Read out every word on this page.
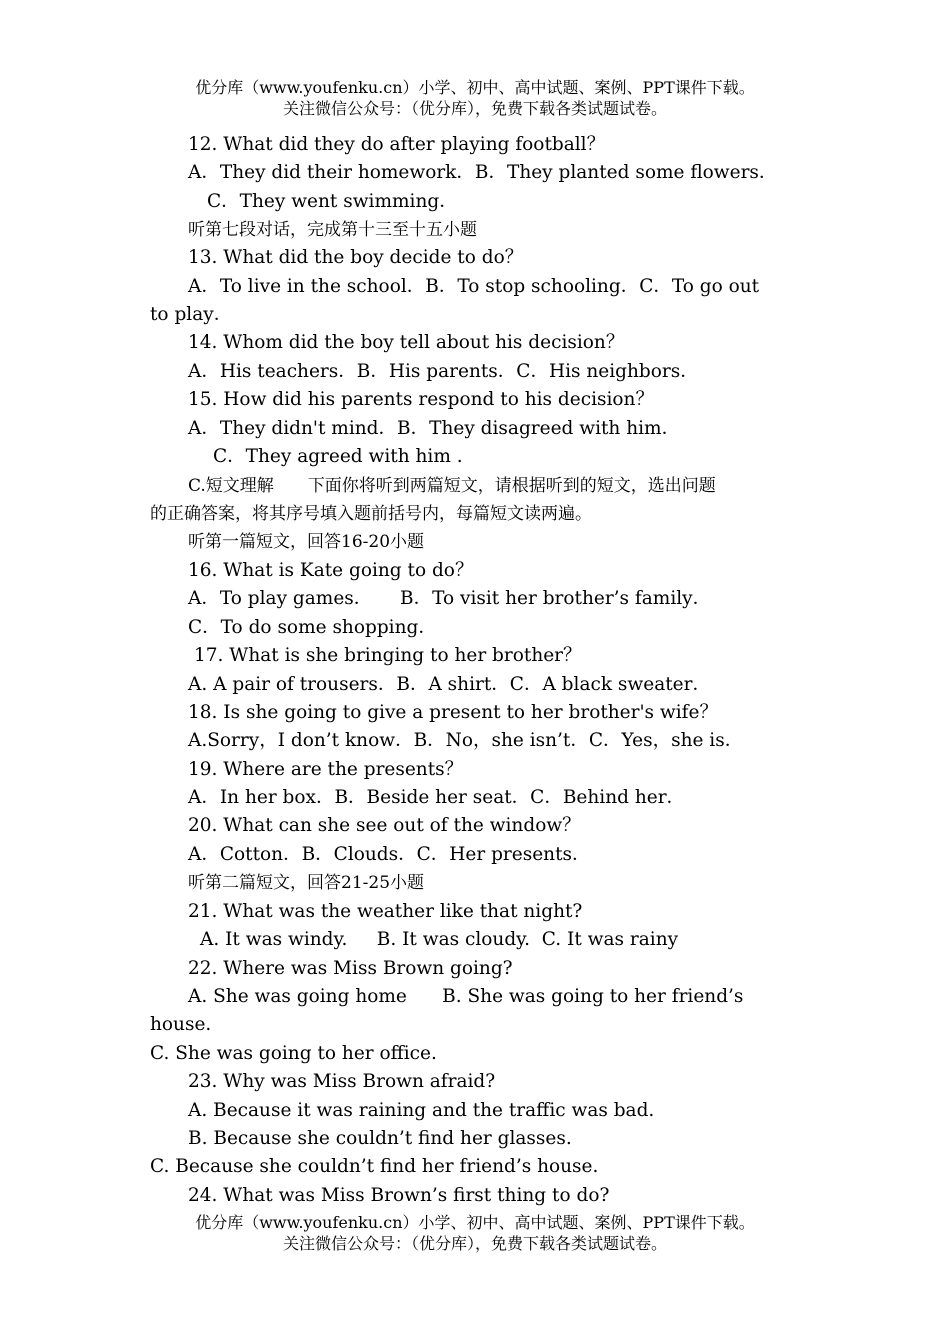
优分库（www.youfenku.cn）小学、初中、高中试题、案例、PPT课件下载。
关注微信公众号：（优分库），免费下载各类试题试卷。
12. What did they do after playing football？
A．They did their homework．B．They planted some flowers．
C．They went swimming．
听第七段对话，完成第十三至十五小题
13. What did the boy decide to do？
A．To live in the school．B．To stop schooling．C．To go out
to play．
14. Whom did the boy tell about his decision？
A．His teachers．B．His parents．C．His neighbors．
15. How did his parents respond to his decision？
A．They didn't mind．B．They disagreed with him．
C．They agreed with him .
C.短文理解　　下面你将听到两篇短文，请根据听到的短文，选出问题
的正确答案，将其序号填入题前括号内，每篇短文读两遍。
听第一篇短文，回答16-20小题
16. What is Kate going to do？
A．To play games．　　B．To visit her brother’s family．
C．To do some shopping．
17. What is she bringing to her brother？
A. A pair of trousers．B．A shirt．C．A black sweater．
18. Is she going to give a present to her brother's wife？
A.Sorry，I don’t know．B．No，she isn’t．C．Yes，she is．
19. Where are the presents？
A．In her box．B．Beside her seat．C．Behind her．
20. What can she see out of the window？
A．Cotton．B．Clouds．C．Her presents．
听第二篇短文，回答21-25小题
21. What was the weather like that night?
A. It was windy.     B. It was cloudy.  C. It was rainy
22. Where was Miss Brown going?
A. She was going home      B. She was going to her friend’s
house.
C. She was going to her office.
23. Why was Miss Brown afraid?
A. Because it was raining and the traffic was bad.
B. Because she couldn’t find her glasses.
C. Because she couldn’t find her friend’s house.
24. What was Miss Brown’s first thing to do?
优分库（www.youfenku.cn）小学、初中、高中试题、案例、PPT课件下载。
关注微信公众号：（优分库），免费下载各类试题试卷。
